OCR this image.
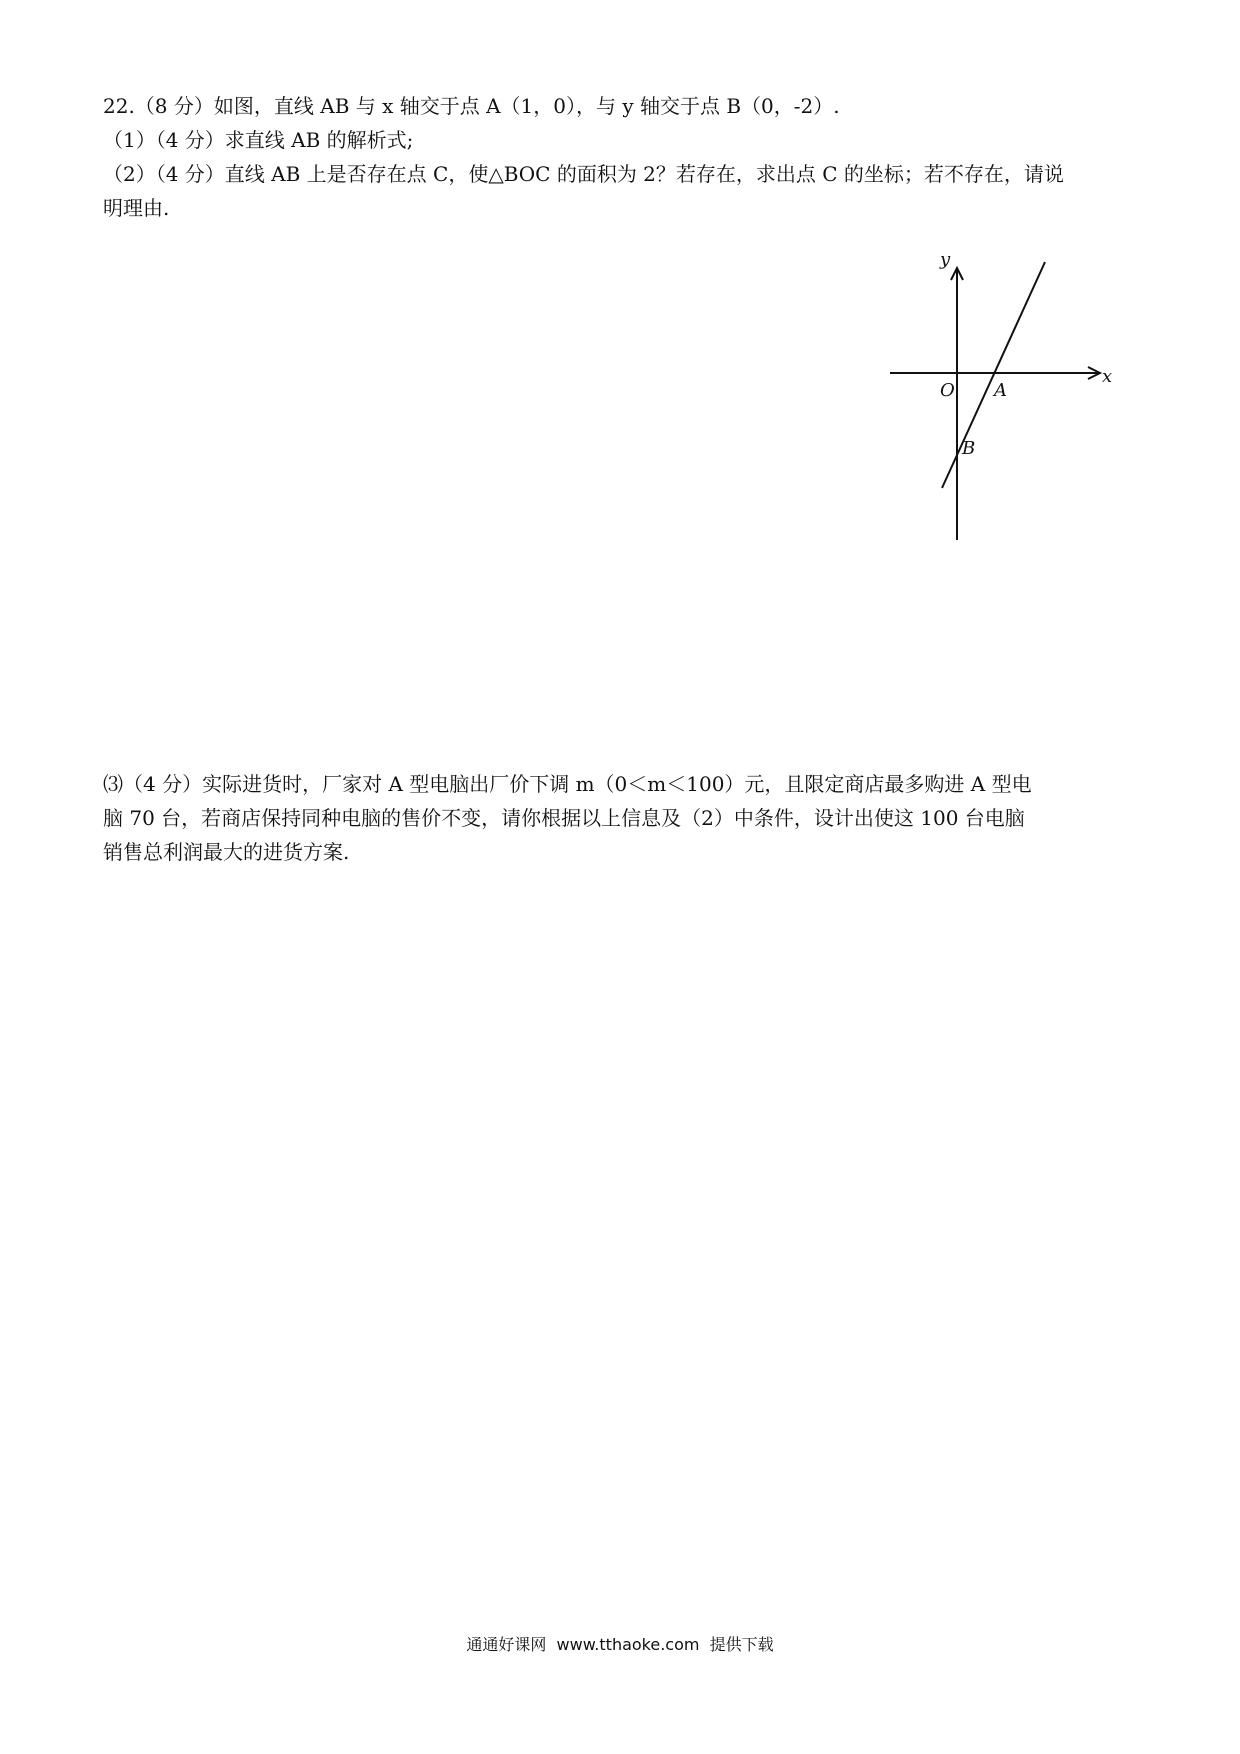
22.（8 分）如图，直线 AB 与 x 轴交于点 A（1，0），与 y 轴交于点 B（0，-2）.
（1）（4 分）求直线 AB 的解析式;
（2）（4 分）直线 AB 上是否存在点 C，使△BOC 的面积为 2？若存在，求出点 C 的坐标；若不存在，请说
明理由.
y
x
O A
B
⑶（4 分）实际进货时，厂家对 A 型电脑出厂价下调 m（0＜m＜100）元，且限定商店最多购进 A 型电
脑 70 台，若商店保持同种电脑的售价不变，请你根据以上信息及（2）中条件，设计出使这 100 台电脑
销售总利润最大的进货方案.
通通好课网  www.tthaoke.com  提供下载
